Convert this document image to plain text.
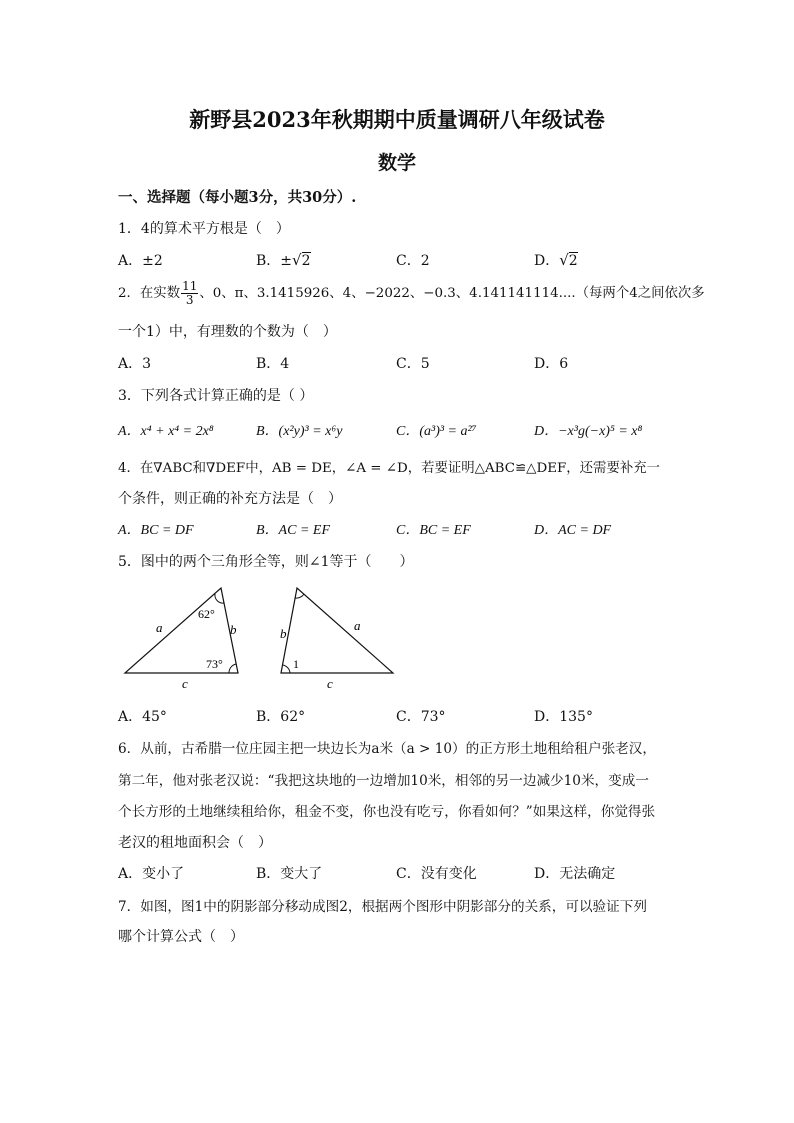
新野县2023年秋期期中质量调研八年级试卷
数学
一、选择题（每小题3分，共30分）.
1．4的算术平方根是（　）
A．±2	B．±√2	C．2	D．√2
2．在实数 $\frac{11}{3}$ 、0、π、3.1415926、4、−2022、−0.3、4.141141114....（每两个4之间依次多
一个1）中，有理数的个数为（　）
A．3	B．4	C．5	D．6
3．下列各式计算正确的是（ ）
A．x⁴ + x⁴ = 2x⁸	B．(x²y)³ = x⁶y	C．(a³)³ = a²⁷	D．−x³g(−x)⁵ = x⁸
4．在∇ABC和∇DEF中，AB = DE，∠A = ∠D，若要证明△ABC≌△DEF，还需要补充一
个条件，则正确的补充方法是（　）
A．BC = DF	B．AC = EF	C．BC = EF	D．AC = DF
5．图中的两个三角形全等，则∠1等于（　　）
62°
73°
a	b
c
1
b
a
c
A．45°	B．62°	C．73°	D．135°
6．从前，古希腊一位庄园主把一块边长为a米（a > 10）的正方形土地租给租户张老汉，
第二年，他对张老汉说：“我把这块地的一边增加10米，相邻的另一边减少10米，变成一
个长方形的土地继续租给你，租金不变，你也没有吃亏，你看如何？”如果这样，你觉得张
老汉的租地面积会（　）
A．变小了	B．变大了	C．没有变化	D．无法确定
7．如图，图1中的阴影部分移动成图2，根据两个图形中阴影部分的关系，可以验证下列
哪个计算公式（　）
